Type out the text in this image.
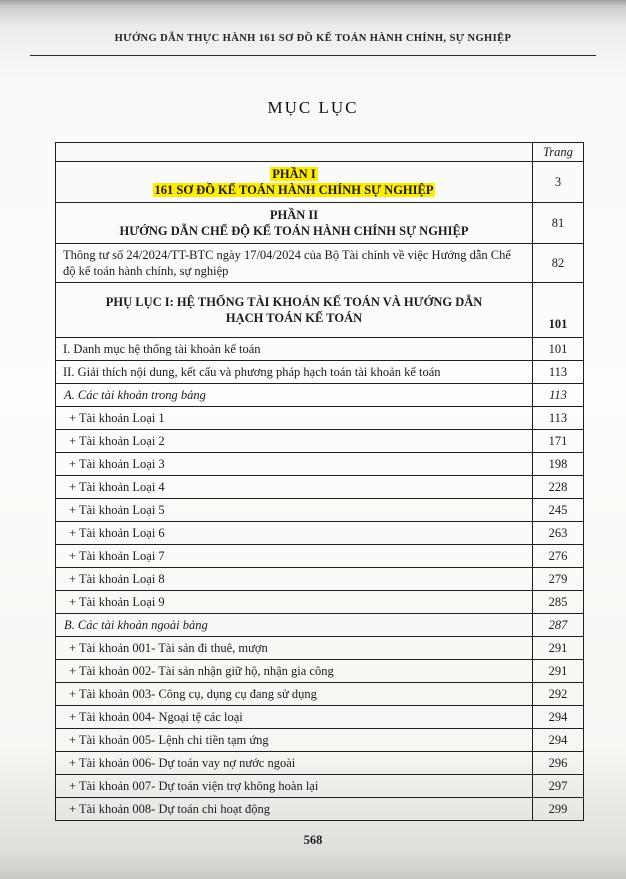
HƯỚNG DẪN THỰC HÀNH 161 SƠ ĐỒ KẾ TOÁN HÀNH CHÍNH, SỰ NGHIỆP
MỤC LỤC
	Trang

PHẦN I
161 SƠ ĐỒ KẾ TOÁN HÀNH CHÍNH SỰ NGHIỆP	3

PHẦN II
HƯỚNG DẪN CHẾ ĐỘ KẾ TOÁN HÀNH CHÍNH SỰ NGHIỆP	81

Thông tư số 24/2024/TT-BTC ngày 17/04/2024 của Bộ Tài chính về việc Hướng dẫn Chế độ kế toán hành chính, sự nghiệp	82

PHỤ LỤC I: HỆ THỐNG TÀI KHOẢN KẾ TOÁN VÀ HƯỚNG DẪN
HẠCH TOÁN KẾ TOÁN	101

I. Danh mục hệ thống tài khoản kế toán	101

II. Giải thích nội dung, kết cấu và phương pháp hạch toán tài khoản kế toán	113

A. Các tài khoản trong bảng	113

+ Tài khoản Loại 1	113

+ Tài khoản Loại 2	171

+ Tài khoản Loại 3	198

+ Tài khoản Loại 4	228

+ Tài khoản Loại 5	245

+ Tài khoản Loại 6	263

+ Tài khoản Loại 7	276

+ Tài khoản Loại 8	279

+ Tài khoản Loại 9	285

B. Các tài khoản ngoài bảng	287

+ Tài khoản 001- Tài sản đi thuê, mượn	291

+ Tài khoản 002- Tài sản nhận giữ hộ, nhận gia công	291

+ Tài khoản 003- Công cụ, dụng cụ đang sử dụng	292

+ Tài khoản 004- Ngoại tệ các loại	294

+ Tài khoản 005- Lệnh chi tiền tạm ứng	294

+ Tài khoản 006- Dự toán vay nợ nước ngoài	296

+ Tài khoản 007- Dự toán viện trợ không hoàn lại	297

+ Tài khoản 008- Dự toán chi hoạt động	299
568
